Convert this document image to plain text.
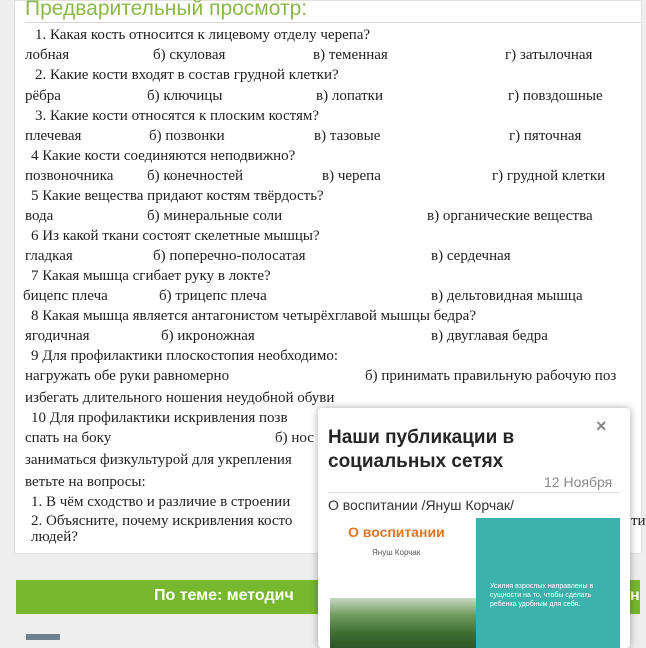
Предварительный просмотр:
1. Какая кость относится к лицевому отделу черепа?
лобная	б) скуловая	в) теменная	г) затылочная
2. Какие кости входят в состав грудной клетки?
рёбра	б) ключицы	в) лопатки	г) повздошные
3. Какие кости относятся к плоским костям?
плечевая	б) позвонки	в) тазовые	г) пяточная
4 Какие кости соединяются неподвижно?
позвоночника б) конечностей	в) черепа	г) грудной клетки
5 Какие вещества придают костям твёрдость?
вода	б) минеральные соли	в) органические вещества
6 Из какой ткани состоят скелетные мышцы?
гладкая	б) поперечно-полосатая	в) сердечная
7 Какая мышца сгибает руку в локте?
бицепс плеча	б) трицепс плеча	в) дельтовидная мышца
8 Какая мышца является антагонистом четырёхглавой мышцы бедра?
ягодичная	б) икроножная	в) двуглавая бедра
9 Для профилактики плоскостопия необходимо:
нагружать обе руки равномерно	б) принимать правильную рабочую поз
избегать длительного ношения неудобной обуви
10 Для профилактики искривления позв
спать на боку	б) нос
заниматься физкультурой для укрепления
ветьте на вопросы:
1. В чём сходство и различие в строении
2. Объясните, почему искривления косто	ти
людей?
По теме: методич	н
Наши публикации в социальных сетях
×
12 Ноября
О воспитании /Януш Корчак/
О воспитании
Януш Корчак
Усилия взрослых направлены в сущности на то, чтобы сделать ребенка удобным для себя.
